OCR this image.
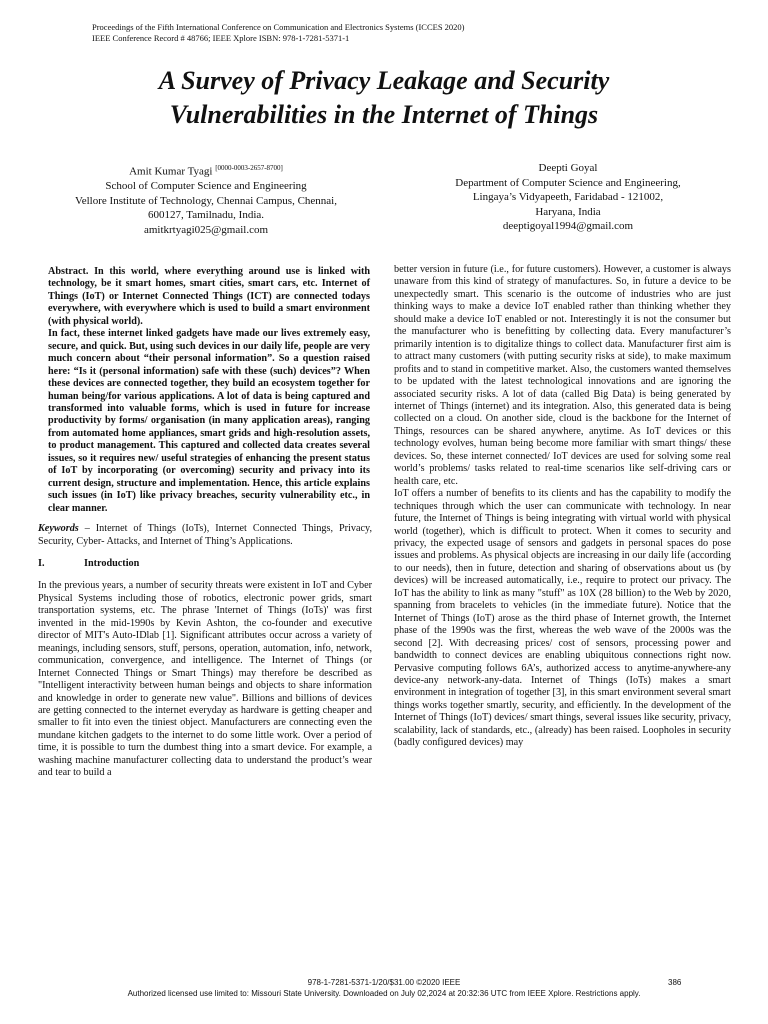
Proceedings of the Fifth International Conference on Communication and Electronics Systems (ICCES 2020)
IEEE Conference Record # 48766; IEEE Xplore ISBN: 978-1-7281-5371-1
A Survey of Privacy Leakage and Security
Vulnerabilities in the Internet of Things
Amit Kumar Tyagi [0000-0003-2657-8700]
School of Computer Science and Engineering
Vellore Institute of Technology, Chennai Campus, Chennai,
600127, Tamilnadu, India.
amitkrtyagi025@gmail.com
Deepti Goyal
Department of Computer Science and Engineering,
Lingaya’s Vidyapeeth, Faridabad - 121002,
Haryana, India
deeptigoyal1994@gmail.com

Abstract. In this world, where everything around use is linked with technology, be it smart homes, smart cities, smart cars, etc. Internet of Things (IoT) or Internet Connected Things (ICT) are connected todays everywhere, with everywhere which is used to build a smart environment (with physical world).

In fact, these internet linked gadgets have made our lives extremely easy, secure, and quick. But, using such devices in our daily life, people are very much concern about “their personal information”. So a question raised here: “Is it (personal information) safe with these (such) devices”? When these devices are connected together, they build an ecosystem together for human being/for various applications. A lot of data is being captured and transformed into valuable forms, which is used in future for increase productivity by forms/ organisation (in many application areas), ranging from automated home appliances, smart grids and high-resolution assets, to product management. This captured and collected data creates several issues, so it requires new/ useful strategies of enhancing the present status of IoT by incorporating (or overcoming) security and privacy into its current design, structure and implementation. Hence, this article explains such issues (in IoT) like privacy breaches, security vulnerability etc., in clear manner.

Keywords – Internet of Things (IoTs), Internet Connected Things, Privacy, Security, Cyber- Attacks, and Internet of Thing’s Applications.
I.	Introduction

In the previous years, a number of security threats were existent in IoT and Cyber Physical Systems including those of robotics, electronic power grids, smart transportation systems, etc. The phrase 'Internet of Things (IoTs)' was first invented in the mid-1990s by Kevin Ashton, the co-founder and executive director of MIT's Auto-IDlab [1]. Significant attributes occur across a variety of meanings, including sensors, stuff, persons, operation, automation, info, network, communication, convergence, and intelligence. The Internet of Things (or Internet Connected Things or Smart Things) may therefore be described as "Intelligent interactivity between human beings and objects to share information and knowledge in order to generate new value". Billions and billions of devices are getting connected to the internet everyday as hardware is getting cheaper and smaller to fit into even the tiniest object. Manufacturers are connecting even the mundane kitchen gadgets to the internet to do some little work. Over a period of time, it is possible to turn the dumbest thing into a smart device. For example, a washing machine manufacturer collecting data to understand the product’s wear and tear to build a

better version in future (i.e., for future customers). However, a customer is always unaware from this kind of strategy of manufactures. So, in future a device to be unexpectedly smart. This scenario is the outcome of industries who are just thinking ways to make a device IoT enabled rather than thinking whether they should make a device IoT enabled or not. Interestingly it is not the consumer but the manufacturer who is benefitting by collecting data. Every manufacturer’s primarily intention is to digitalize things to collect data. Manufacturer first aim is to attract many customers (with putting security risks at side), to make maximum profits and to stand in competitive market. Also, the customers wanted themselves to be updated with the latest technological innovations and are ignoring the associated security risks. A lot of data (called Big Data) is being generated by internet of Things (internet) and its integration. Also, this generated data is being collected on a cloud. On another side, cloud is the backbone for the Internet of Things, resources can be shared anywhere, anytime. As IoT devices or this technology evolves, human being become more familiar with smart things/ these devices. So, these internet connected/ IoT devices are used for solving some real world’s problems/ tasks related to real-time scenarios like self-driving cars or health care, etc.

IoT offers a number of benefits to its clients and has the capability to modify the techniques through which the user can communicate with technology. In near future, the Internet of Things is being integrating with virtual world with physical world (together), which is difficult to protect. When it comes to security and privacy, the expected usage of sensors and gadgets in personal spaces do pose issues and problems. As physical objects are increasing in our daily life (according to our needs), then in future, detection and sharing of observations about us (by devices) will be increased automatically, i.e., require to protect our privacy. The IoT has the ability to link as many "stuff" as 10X (28 billion) to the Web by 2020, spanning from bracelets to vehicles (in the immediate future). Notice that the Internet of Things (IoT) arose as the third phase of Internet growth, the Internet phase of the 1990s was the first, whereas the web wave of the 2000s was the second [2]. With decreasing prices/ cost of sensors, processing power and bandwidth to connect devices are enabling ubiquitous connections right now. Pervasive computing follows 6A’s, authorized access to anytime-anywhere-any device-any network-any-data. Internet of Things (IoTs) makes a smart environment in integration of together [3], in this smart environment several smart things works together smartly, security, and efficiently. In the development of the Internet of Things (IoT) devices/ smart things, several issues like security, privacy, scalability, lack of standards, etc., (already) has been raised. Loopholes in security (badly configured devices) may

978-1-7281-5371-1/20/$31.00 ©2020 IEEE	386
Authorized licensed use limited to: Missouri State University. Downloaded on July 02,2024 at 20:32:36 UTC from IEEE Xplore. Restrictions apply.
